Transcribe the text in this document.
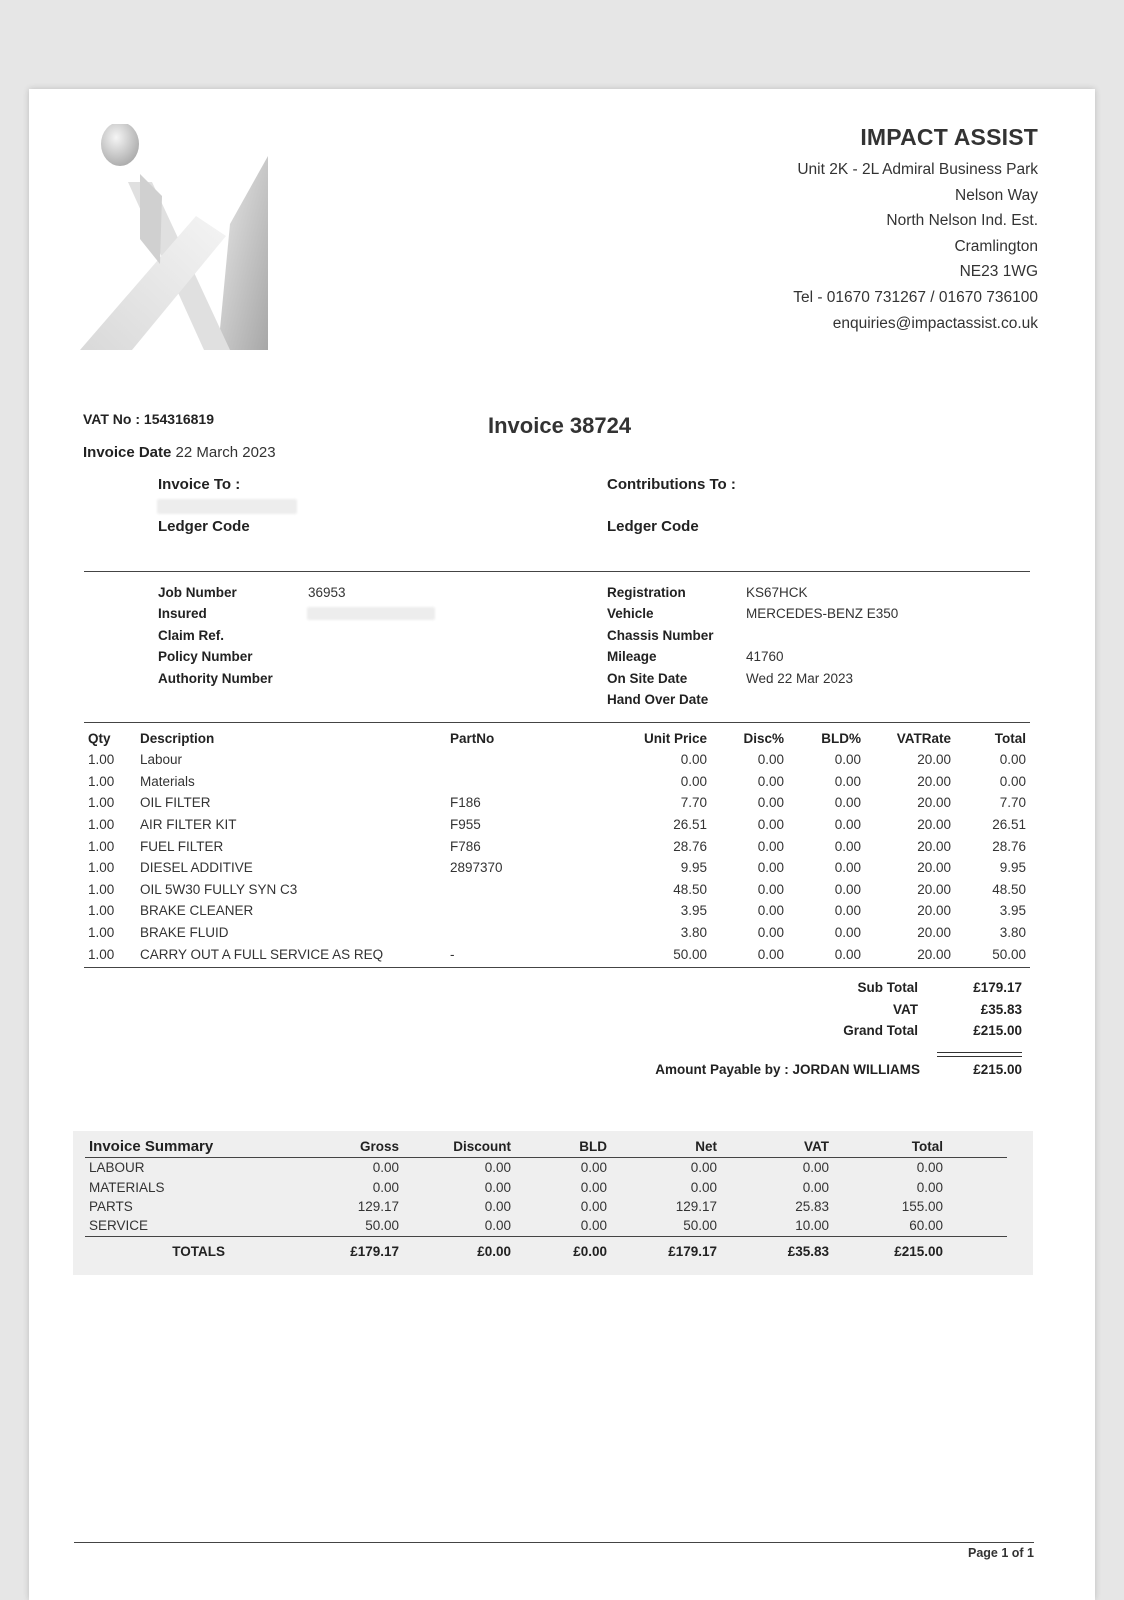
IMPACT ASSIST
Unit 2K - 2L Admiral Business Park
Nelson Way
North Nelson Ind. Est.
Cramlington
NE23 1WG
Tel - 01670 731267 / 01670 736100
enquiries@impactassist.co.uk
VAT No : 154316819
Invoice Date 22 March 2023
Invoice 38724
Invoice To :
Ledger Code
Contributions To :
Ledger Code
Job Number	36953
Insured
Claim Ref.
Policy Number
Authority Number
Registration	KS67HCK
Vehicle	MERCEDES-BENZ E350
Chassis Number
Mileage	41760
On Site Date	Wed 22 Mar 2023
Hand Over Date
Qty	Description	PartNo	Unit Price	Disc%	BLD%	VATRate	Total
1.00	Labour		0.00	0.00	0.00	20.00	0.00
1.00	Materials		0.00	0.00	0.00	20.00	0.00
1.00	OIL FILTER	F186	7.70	0.00	0.00	20.00	7.70
1.00	AIR FILTER KIT	F955	26.51	0.00	0.00	20.00	26.51
1.00	FUEL FILTER	F786	28.76	0.00	0.00	20.00	28.76
1.00	DIESEL ADDITIVE	2897370	9.95	0.00	0.00	20.00	9.95
1.00	OIL 5W30 FULLY SYN C3		48.50	0.00	0.00	20.00	48.50
1.00	BRAKE CLEANER		3.95	0.00	0.00	20.00	3.95
1.00	BRAKE FLUID		3.80	0.00	0.00	20.00	3.80
1.00	CARRY OUT A FULL SERVICE AS REQ	-	50.00	0.00	0.00	20.00	50.00
Sub Total	£179.17
VAT	£35.83
Grand Total	£215.00
Amount Payable by : JORDAN WILLIAMS	£215.00
Invoice Summary	Gross	Discount	BLD	Net	VAT	Total	
LABOUR	0.00	0.00	0.00	0.00	0.00	0.00	
MATERIALS	0.00	0.00	0.00	0.00	0.00	0.00	
PARTS	129.17	0.00	0.00	129.17	25.83	155.00	
SERVICE	50.00	0.00	0.00	50.00	10.00	60.00	
TOTALS	£179.17	£0.00	£0.00	£179.17	£35.83	£215.00	
Page 1 of 1
